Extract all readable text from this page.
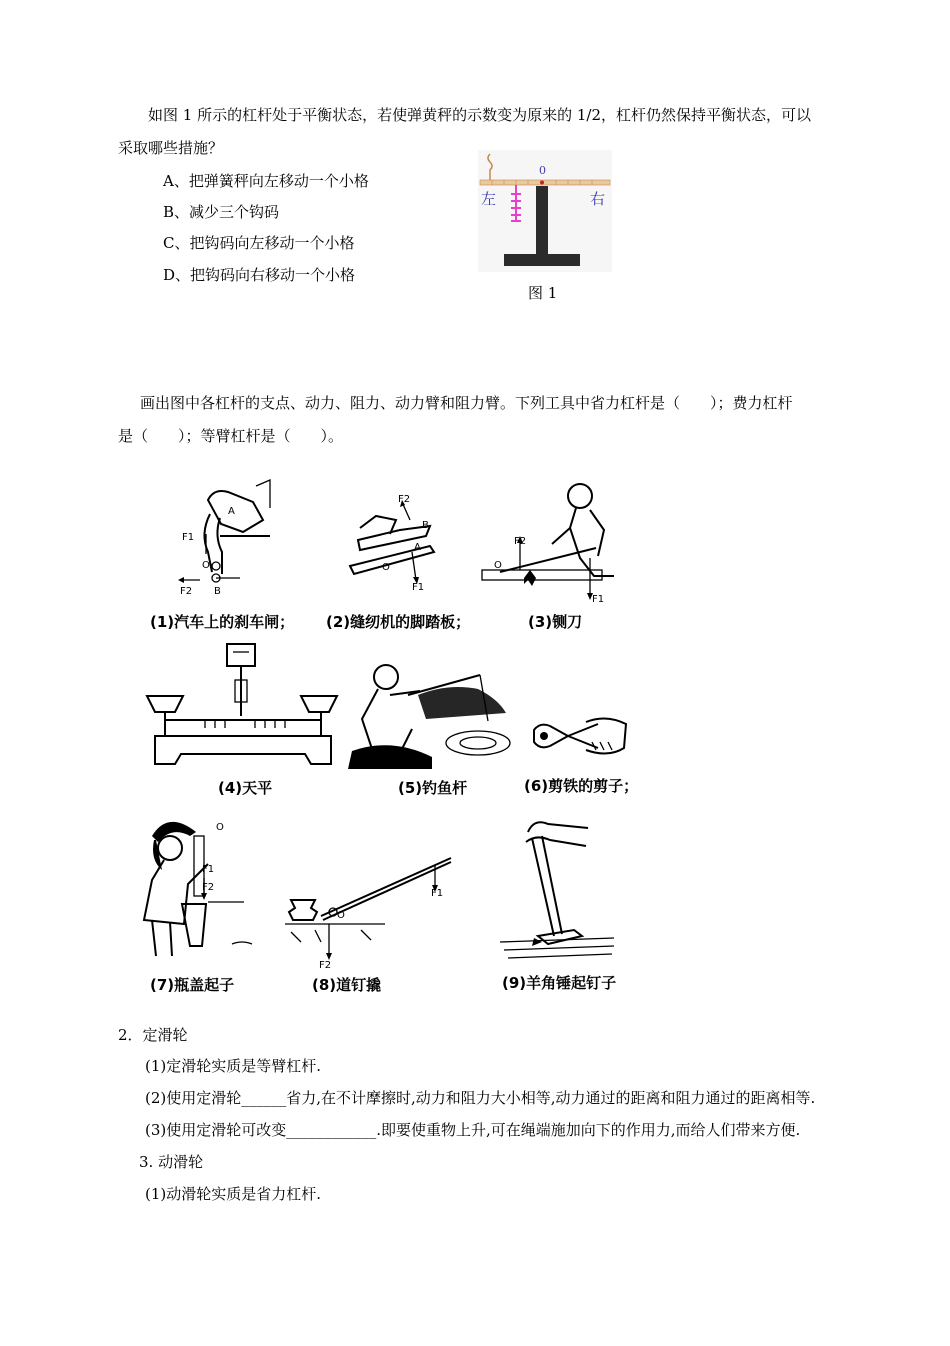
如图 1 所示的杠杆处于平衡状态，若使弹黄秤的示数变为原来的 1/2，杠杆仍然保持平衡状态，可以
采取哪些措施？
A、把弹簧秤向左移动一个小格
B、减少三个钩码
C、把钩码向左移动一个小格
D、把钩码向右移动一个小格
0
左	右
图 1
画出图中各杠杆的支点、动力、阻力、动力臂和阻力臂。下列工具中省力杠杆是（　　）；费力杠杆
是（　　）；等臂杠杆是（　　）。
F1
F2
A
O
B
(1)汽车上的刹车闸；
F2
B
A
O
F1
(2)缝纫机的脚踏板；
F2
O
F1
(3)铡刀
(4)天平	(5)钓鱼杆	(6)剪铁的剪子；
O
F1
F2
(7)瓶盖起子
F1
O
F2
(8)道钉撬	(9)羊角锤起钉子
2．定滑轮
(1)定滑轮实质是等臂杠杆.
(2)使用定滑轮______省力,在不计摩擦时,动力和阻力大小相等,动力通过的距离和阻力通过的距离相等.
(3)使用定滑轮可改变____________.即要使重物上升,可在绳端施加向下的作用力,而给人们带来方便.
3. 动滑轮
(1)动滑轮实质是省力杠杆.
